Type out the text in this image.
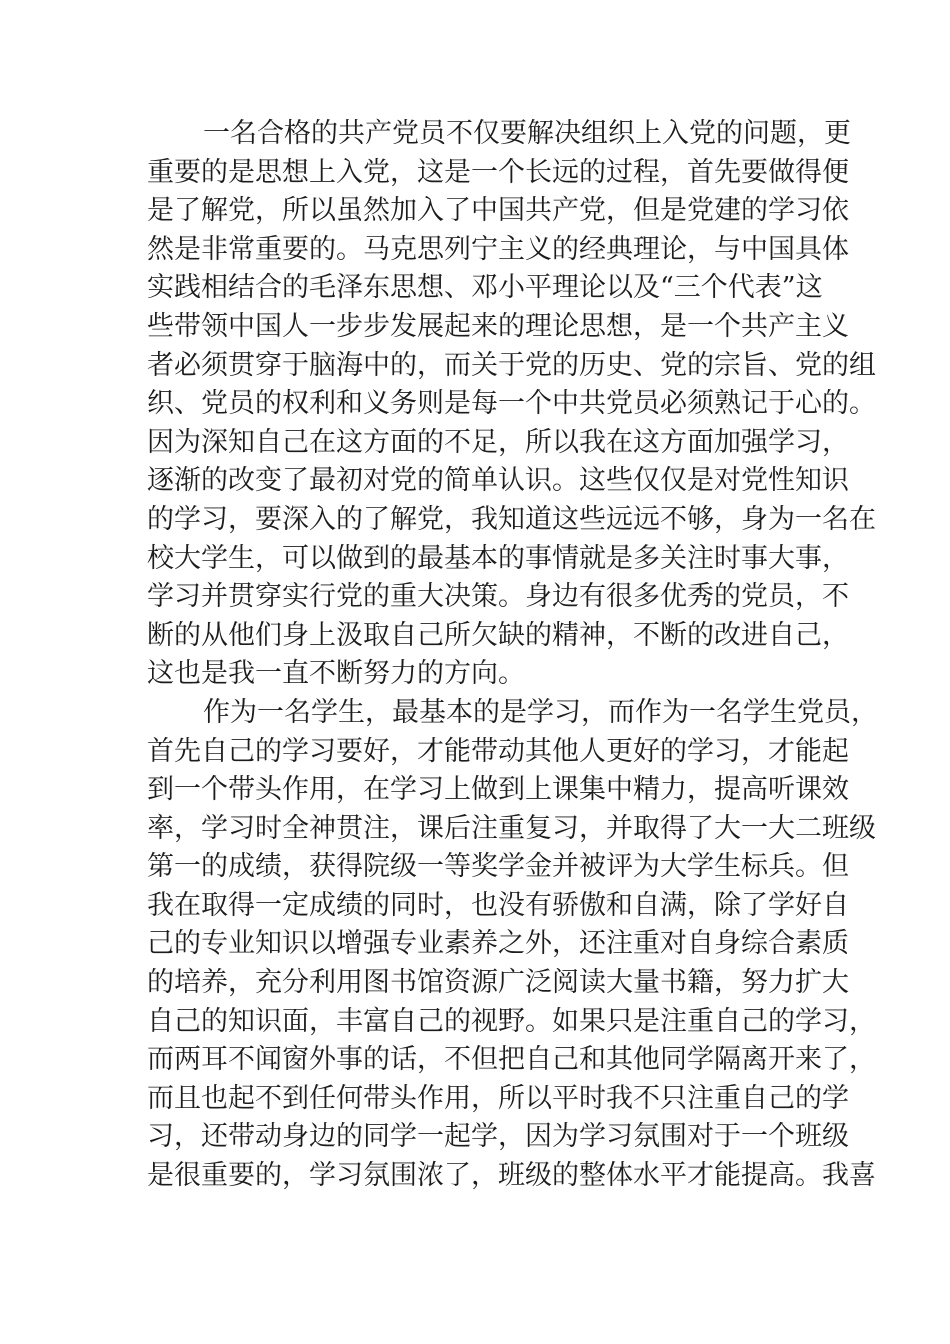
一名合格的共产党员不仅要解决组织上入党的问题，更
重要的是思想上入党，这是一个长远的过程，首先要做得便
是了解党，所以虽然加入了中国共产党，但是党建的学习依
然是非常重要的。马克思列宁主义的经典理论，与中国具体
实践相结合的毛泽东思想、邓小平理论以及“三个代表”这
些带领中国人一步步发展起来的理论思想，是一个共产主义
者必须贯穿于脑海中的，而关于党的历史、党的宗旨、党的组
织、党员的权利和义务则是每一个中共党员必须熟记于心的。
因为深知自己在这方面的不足，所以我在这方面加强学习，
逐渐的改变了最初对党的简单认识。这些仅仅是对党性知识
的学习，要深入的了解党，我知道这些远远不够，身为一名在
校大学生，可以做到的最基本的事情就是多关注时事大事，
学习并贯穿实行党的重大决策。身边有很多优秀的党员，不
断的从他们身上汲取自己所欠缺的精神，不断的改进自己，
这也是我一直不断努力的方向。
作为一名学生，最基本的是学习，而作为一名学生党员，
首先自己的学习要好，才能带动其他人更好的学习，才能起
到一个带头作用，在学习上做到上课集中精力，提高听课效
率，学习时全神贯注，课后注重复习，并取得了大一大二班级
第一的成绩，获得院级一等奖学金并被评为大学生标兵。但
我在取得一定成绩的同时，也没有骄傲和自满，除了学好自
己的专业知识以增强专业素养之外，还注重对自身综合素质
的培养，充分利用图书馆资源广泛阅读大量书籍，努力扩大
自己的知识面，丰富自己的视野。如果只是注重自己的学习，
而两耳不闻窗外事的话，不但把自己和其他同学隔离开来了，
而且也起不到任何带头作用，所以平时我不只注重自己的学
习，还带动身边的同学一起学，因为学习氛围对于一个班级
是很重要的，学习氛围浓了，班级的整体水平才能提高。我喜
